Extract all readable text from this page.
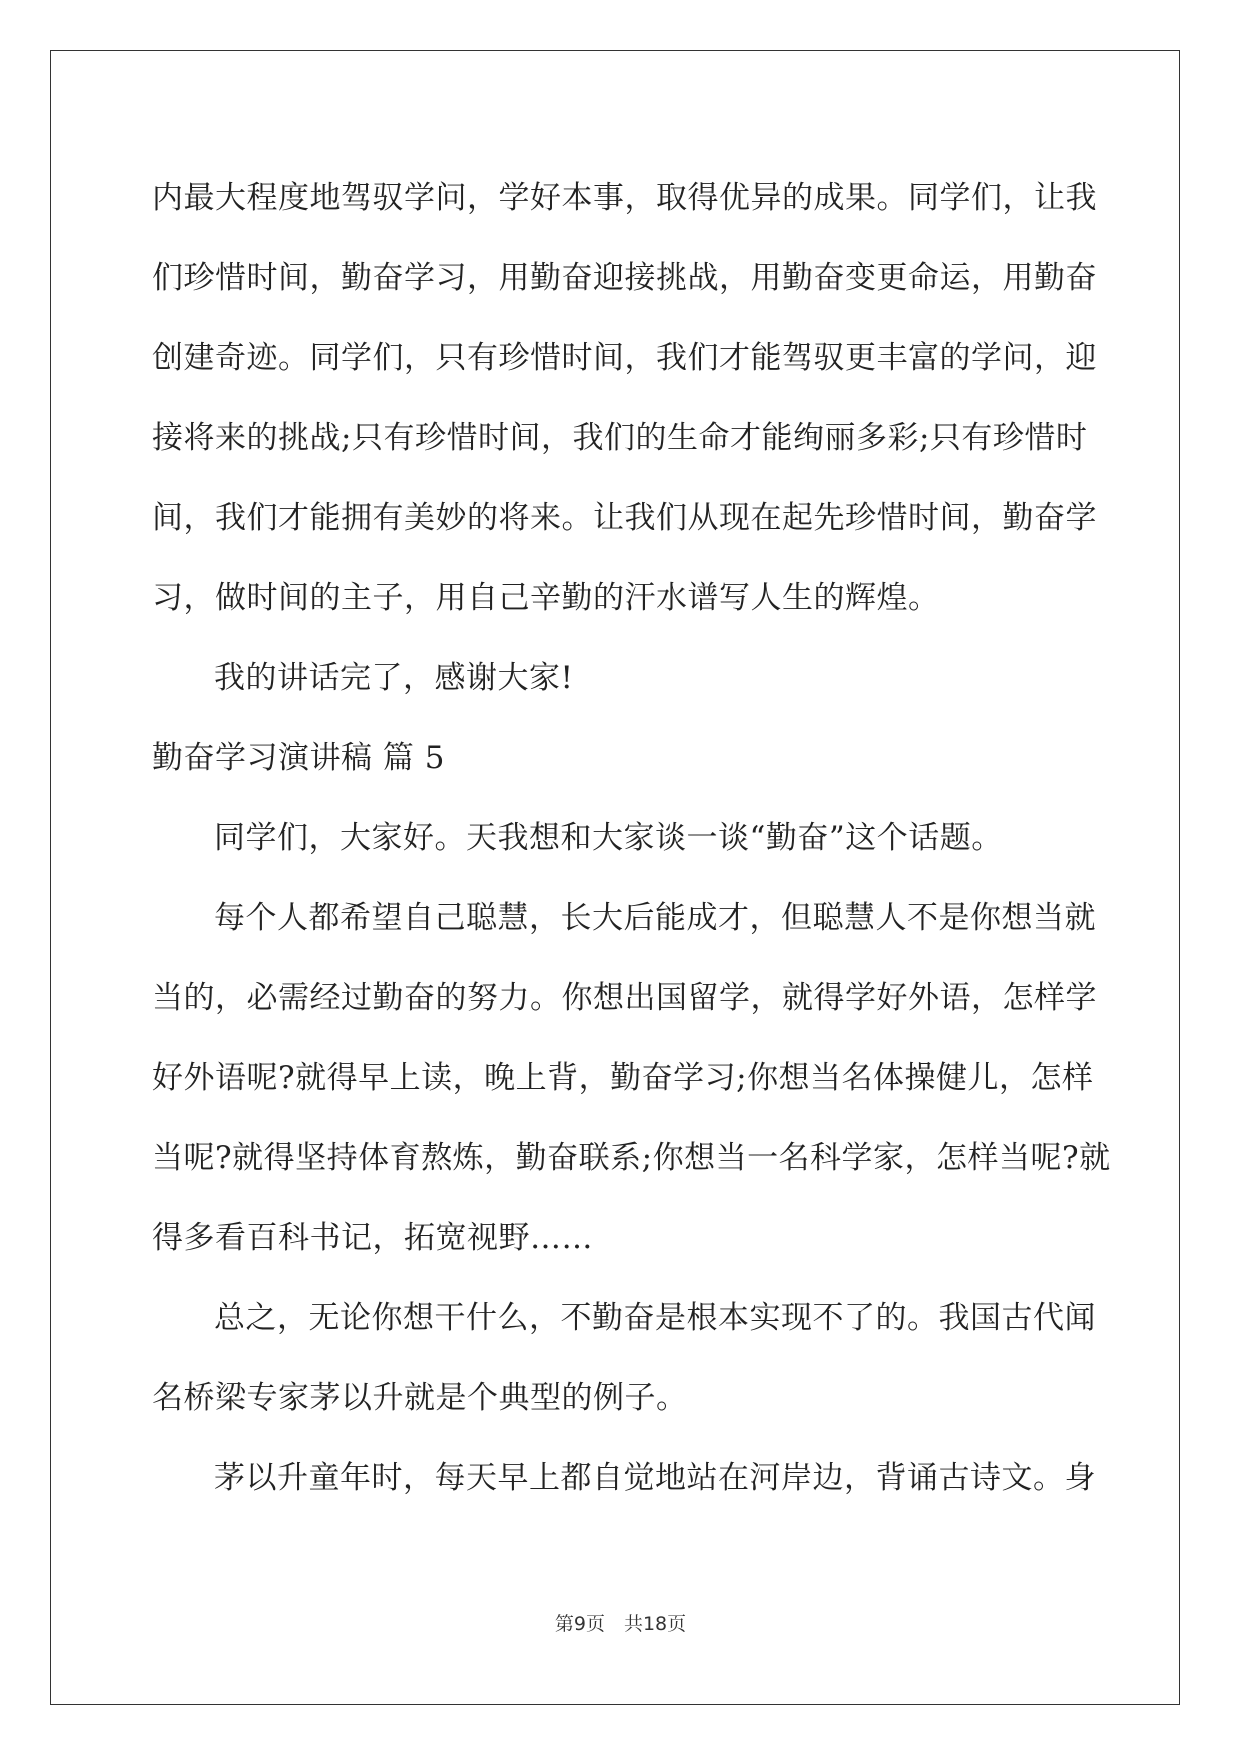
内最大程度地驾驭学问，学好本事，取得优异的成果。同学们，让我
们珍惜时间，勤奋学习，用勤奋迎接挑战，用勤奋变更命运，用勤奋
创建奇迹。同学们，只有珍惜时间，我们才能驾驭更丰富的学问，迎
接将来的挑战;只有珍惜时间，我们的生命才能绚丽多彩;只有珍惜时
间，我们才能拥有美妙的将来。让我们从现在起先珍惜时间，勤奋学
习，做时间的主子，用自己辛勤的汗水谱写人生的辉煌。
我的讲话完了，感谢大家!
勤奋学习演讲稿 篇 5
同学们，大家好。天我想和大家谈一谈“勤奋”这个话题。
每个人都希望自己聪慧，长大后能成才，但聪慧人不是你想当就
当的，必需经过勤奋的努力。你想出国留学，就得学好外语，怎样学
好外语呢?就得早上读，晚上背，勤奋学习;你想当名体操健儿，怎样
当呢?就得坚持体育熬炼，勤奋联系;你想当一名科学家，怎样当呢?就
得多看百科书记，拓宽视野……
总之，无论你想干什么，不勤奋是根本实现不了的。我国古代闻
名桥梁专家茅以升就是个典型的例子。
茅以升童年时，每天早上都自觉地站在河岸边，背诵古诗文。身
第9页　共18页
